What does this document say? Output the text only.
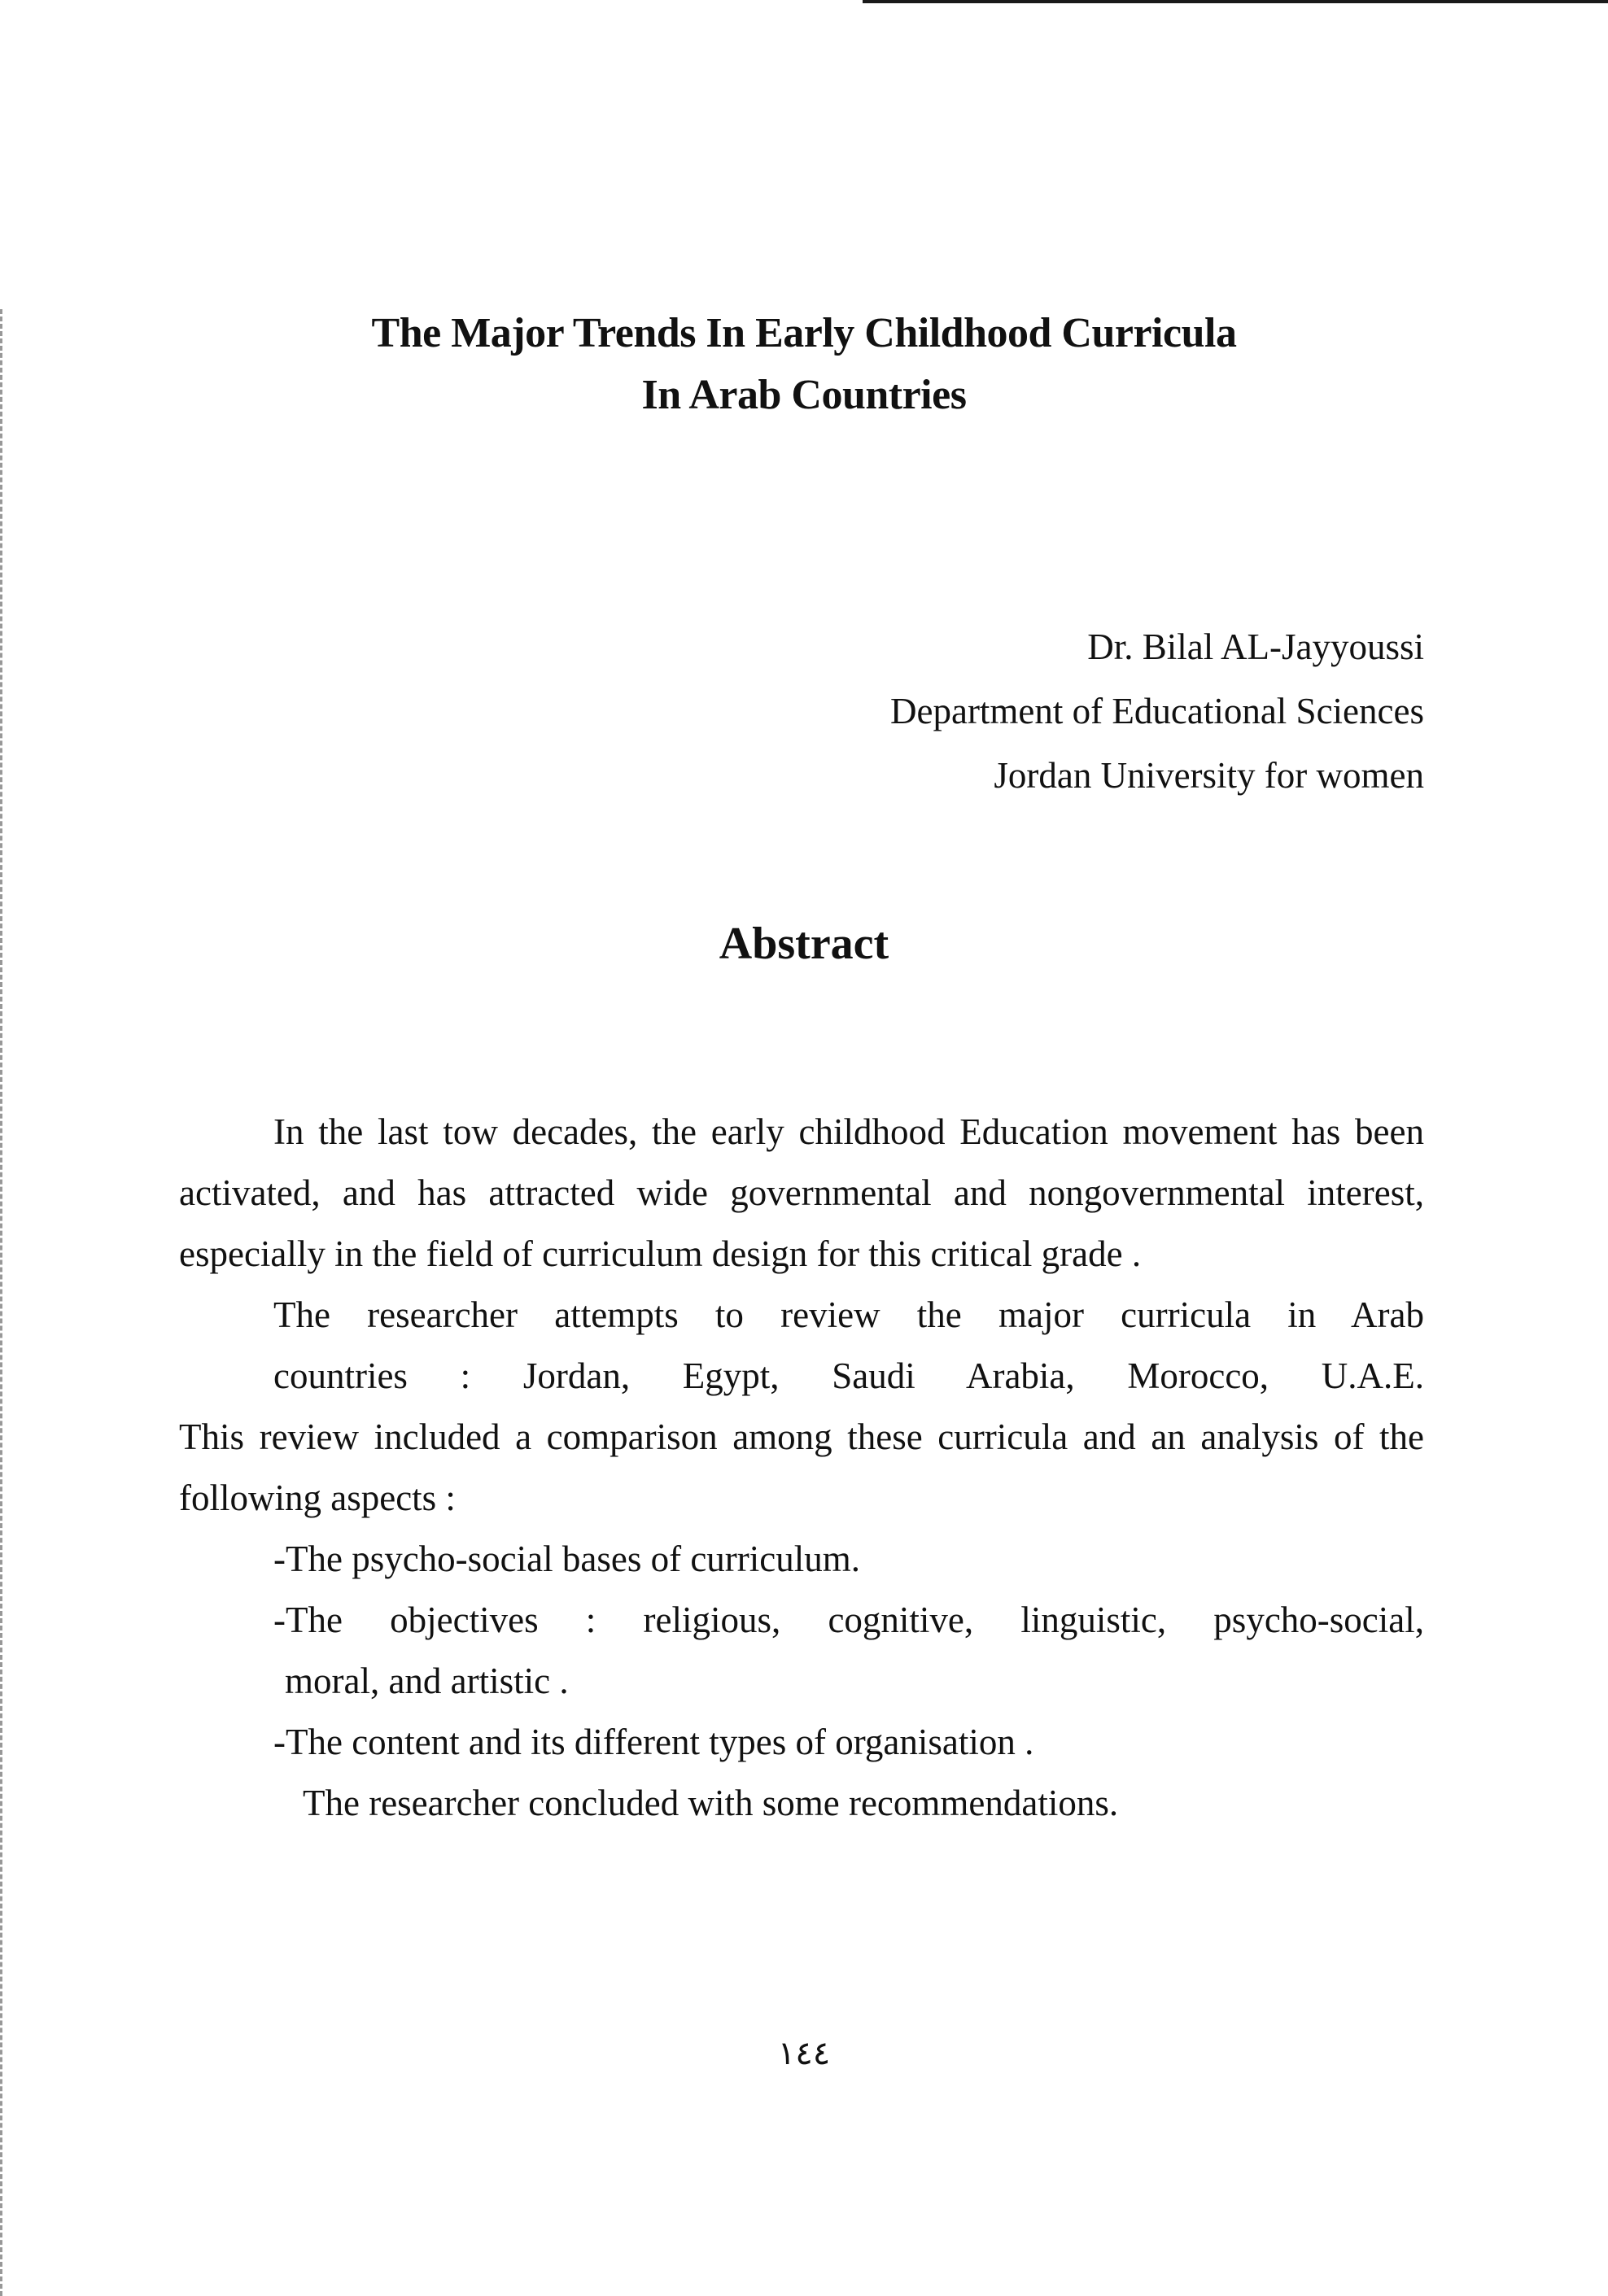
The Major Trends In Early Childhood Curricula
In Arab Countries
Dr. Bilal AL-Jayyoussi
Department of Educational Sciences
Jordan University for women
Abstract

In the last tow decades, the early childhood Education movement has been activated, and has attracted wide governmental and nongovernmental interest, especially in the field of curriculum design for this critical grade .

The researcher attempts to review the major curricula in Arab
countries : Jordan, Egypt, Saudi Arabia, Morocco, U.A.E.
This review included a comparison among these curricula and an analysis of the following aspects :

-The psycho-social bases of curriculum.

-The objectives : religious, cognitive, linguistic, psycho-social,
moral, and artistic .

-The content and its different types of organisation .

The researcher concluded with some recommendations.

١٤٤
